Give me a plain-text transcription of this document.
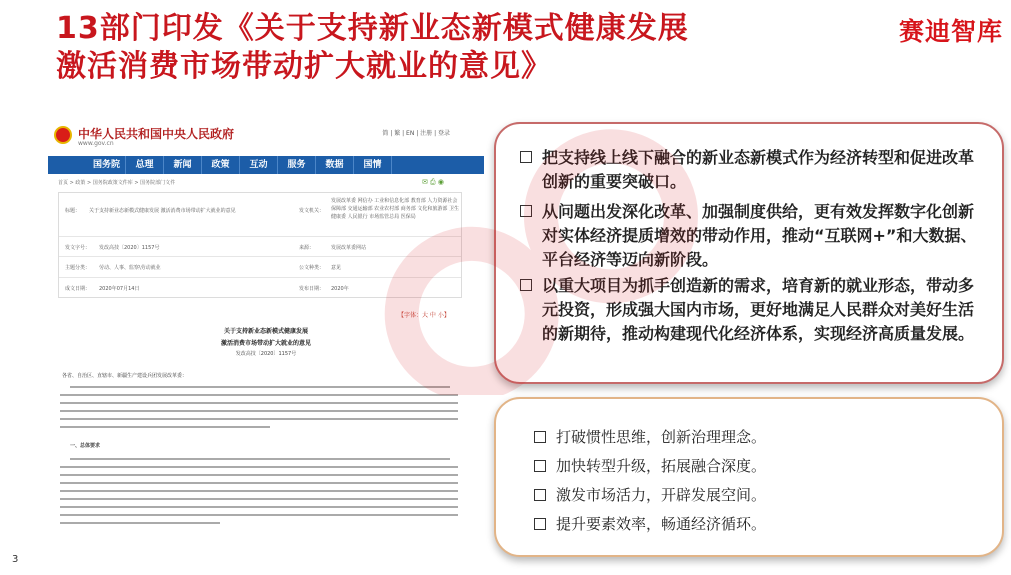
13部门印发《关于支持新业态新模式健康发展
激活消费市场带动扩大就业的意见》
赛迪智库
中华人民共和国中央人民政府
www.gov.cn
简 | 繁 | EN | 注册 | 登录
国务院	总理	新闻	政策	互动	服务	数据	国情
首页 > 政策 > 国务院政策文件库 > 国务院部门文件	✉ ⎙ ◉
标题： 关于支持新业态新模式健康发展 激活消费市场带动扩大就业的意见	发文机关：
发展改革委 网信办 工业和信息化部 教育部 人力资源社会保障部 交通运输部 农业农村部 商务部 文化和旅游部 卫生健康委 人民银行 市场监管总局 医保局
发文字号： 发改高技〔2020〕1157号	来源：	发展改革委网站
主题分类： 劳动、人事、监察\劳动就业	公文种类： 意见
成文日期： 2020年07月14日	发布日期： 2020年
【字体：大 中 小】
关于支持新业态新模式健康发展
激活消费市场带动扩大就业的意见
发改高技〔2020〕1157号
各省、自治区、直辖市、新疆生产建设兵团发展改革委：
一、总体要求
把支持线上线下融合的新业态新模式作为经济转型和促进改革创新的重要突破口。
从问题出发深化改革、加强制度供给，更有效发挥数字化创新对实体经济提质增效的带动作用，推动“互联网+”和大数据、平台经济等迈向新阶段。
以重大项目为抓手创造新的需求，培育新的就业形态，带动多元投资，形成强大国内市场，更好地满足人民群众对美好生活的新期待，推动构建现代化经济体系，实现经济高质量发展。
打破惯性思维，创新治理理念。
加快转型升级，拓展融合深度。
激发市场活力，开辟发展空间。
提升要素效率，畅通经济循环。
3
